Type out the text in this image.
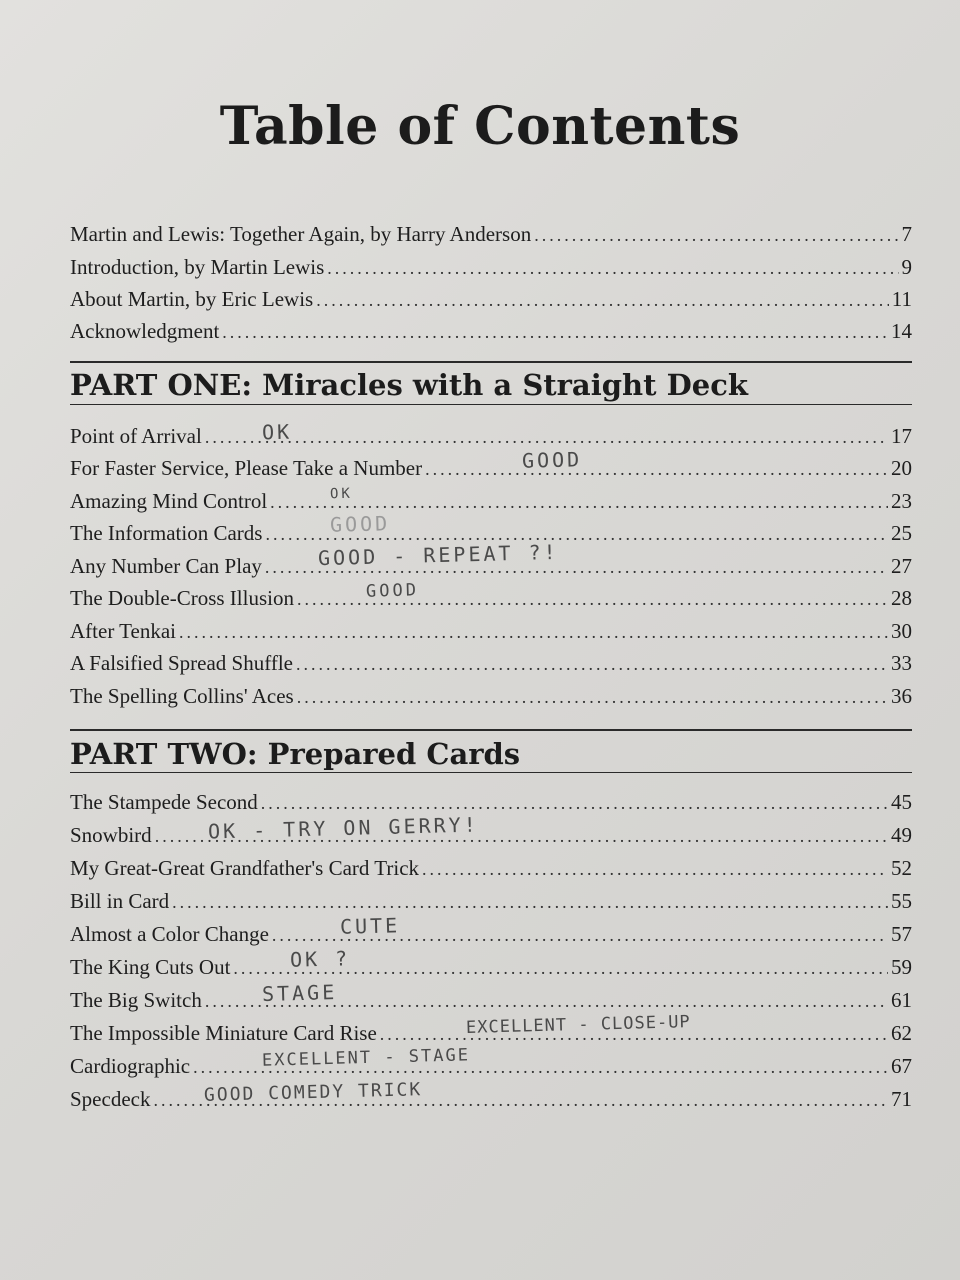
Table of Contents
Martin and Lewis: Together Again, by Harry Anderson .....	7
Introduction, by Martin Lewis .....	9
About Martin, by Eric Lewis .....	11
Acknowledgment .....	14
PART ONE: Miracles with a Straight Deck
Point of Arrival .....	17
OK
For Faster Service, Please Take a Number .....	20
GOOD
Amazing Mind Control .....	23
OK
The Information Cards .....	25
GOOD
Any Number Can Play .....	27
GOOD - REPEAT ?!
The Double-Cross Illusion .....	28
GOOD
After Tenkai .....	30
A Falsified Spread Shuffle .....	33
The Spelling Collins' Aces .....	36
PART TWO: Prepared Cards
The Stampede Second .....	45
Snowbird .....	49
OK - TRY ON GERRY!
My Great-Great Grandfather's Card Trick .....	52
Bill in Card .....	55
Almost a Color Change .....	57
CUTE
The King Cuts Out .....	59
OK ?
The Big Switch .....	61
STAGE
The Impossible Miniature Card Rise .....	62
EXCELLENT - CLOSE-UP
Cardiographic .....	67
EXCELLENT - STAGE
Specdeck .....	71
GOOD COMEDY TRICK
